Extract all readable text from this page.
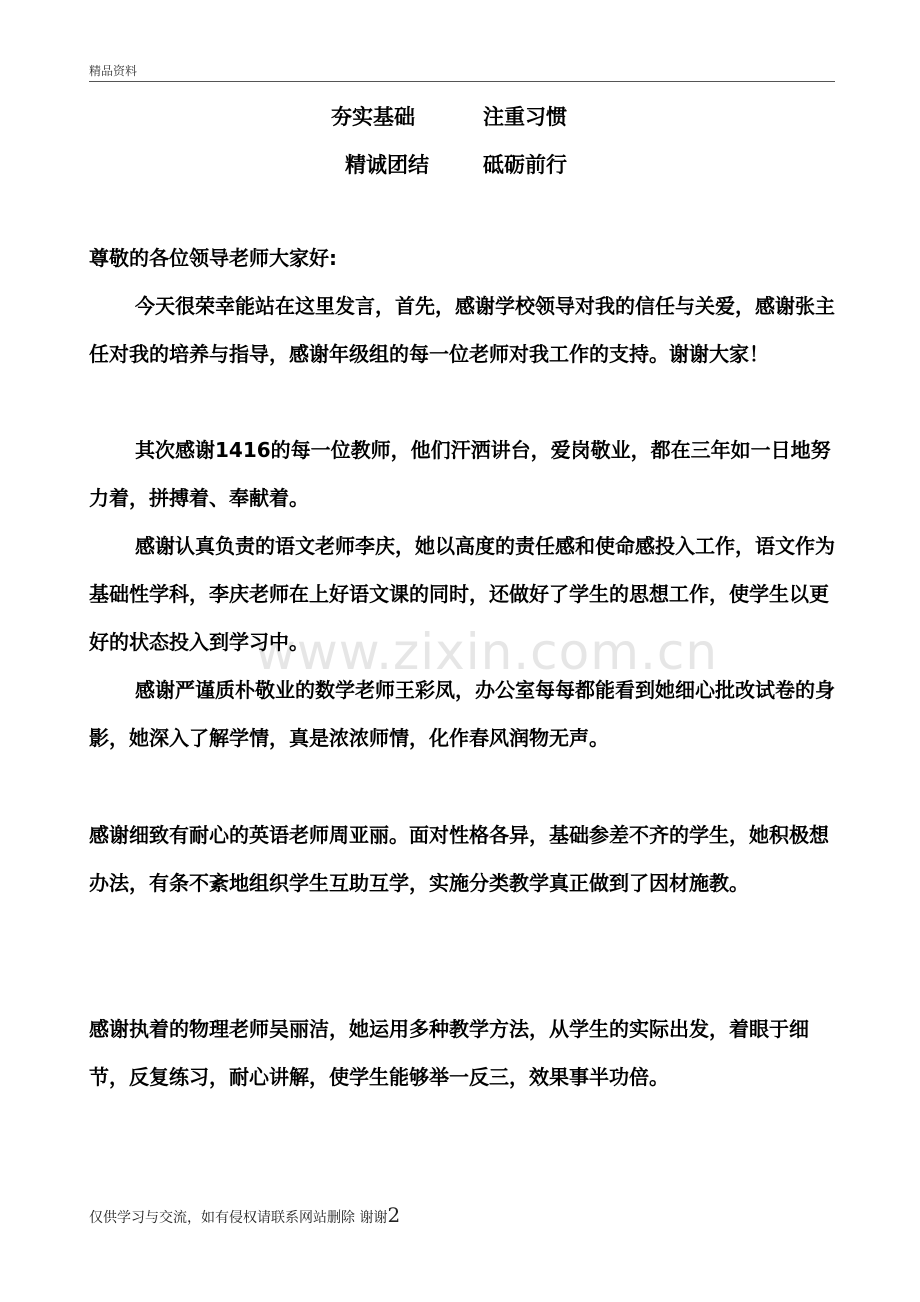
精品资料
www.zixin.com.cn
夯实基础	注重习惯
精诚团结	砥砺前行

尊敬的各位领导老师大家好:

今天很荣幸能站在这里发言，首先，感谢学校领导对我的信任与关爱，感谢张主任对我的培养与指导，感谢年级组的每一位老师对我工作的支持。谢谢大家！

其次感谢1416的每一位教师，他们汗洒讲台，爱岗敬业，都在三年如一日地努力着，拼搏着、奉献着。

感谢认真负责的语文老师李庆，她以高度的责任感和使命感投入工作，语文作为基础性学科，李庆老师在上好语文课的同时，还做好了学生的思想工作，使学生以更好的状态投入到学习中。

感谢严谨质朴敬业的数学老师王彩凤，办公室每每都能看到她细心批改试卷的身影，她深入了解学情，真是浓浓师情，化作春风润物无声。

感谢细致有耐心的英语老师周亚丽。面对性格各异，基础参差不齐的学生，她积极想办法，有条不紊地组织学生互助互学，实施分类教学真正做到了因材施教。

感谢执着的物理老师吴丽洁，她运用多种教学方法，从学生的实际出发，着眼于细节，反复练习，耐心讲解，使学生能够举一反三，效果事半功倍。

仅供学习与交流，如有侵权请联系网站删除 谢谢2
